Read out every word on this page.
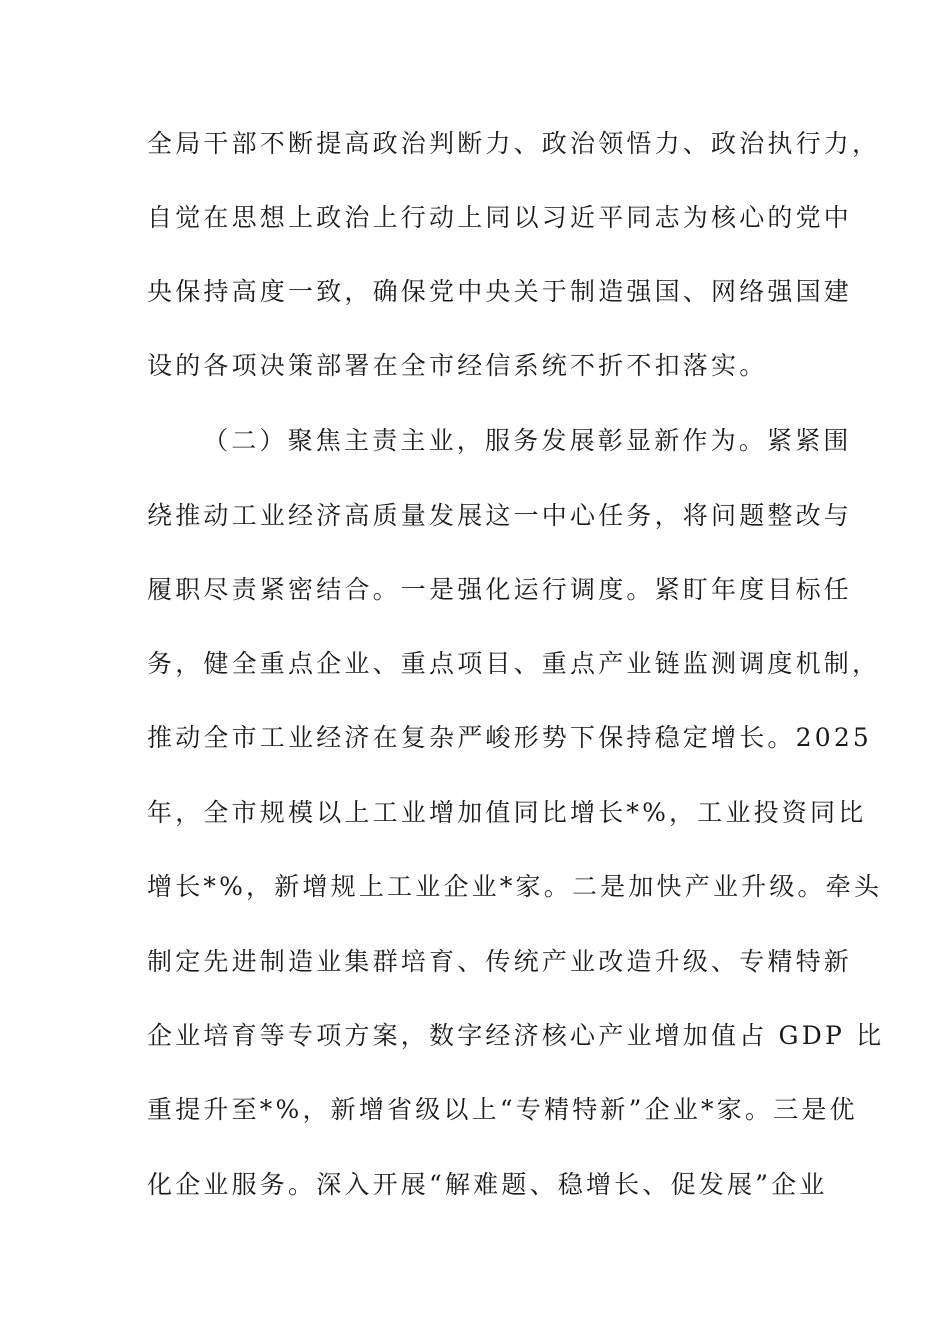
全局干部不断提高政治判断力、政治领悟力、政治执行力，
自觉在思想上政治上行动上同以习近平同志为核心的党中
央保持高度一致，确保党中央关于制造强国、网络强国建
设的各项决策部署在全市经信系统不折不扣落实。
（二）聚焦主责主业，服务发展彰显新作为。紧紧围
绕推动工业经济高质量发展这一中心任务，将问题整改与
履职尽责紧密结合。一是强化运行调度。紧盯年度目标任
务，健全重点企业、重点项目、重点产业链监测调度机制，
推动全市工业经济在复杂严峻形势下保持稳定增长。2025
年，全市规模以上工业增加值同比增长*%，工业投资同比
增长*%，新增规上工业企业*家。二是加快产业升级。牵头
制定先进制造业集群培育、传统产业改造升级、专精特新
企业培育等专项方案，数字经济核心产业增加值占 GDP 比
重提升至*%，新增省级以上“专精特新”企业*家。三是优
化企业服务。深入开展“解难题、稳增长、促发展”企业
